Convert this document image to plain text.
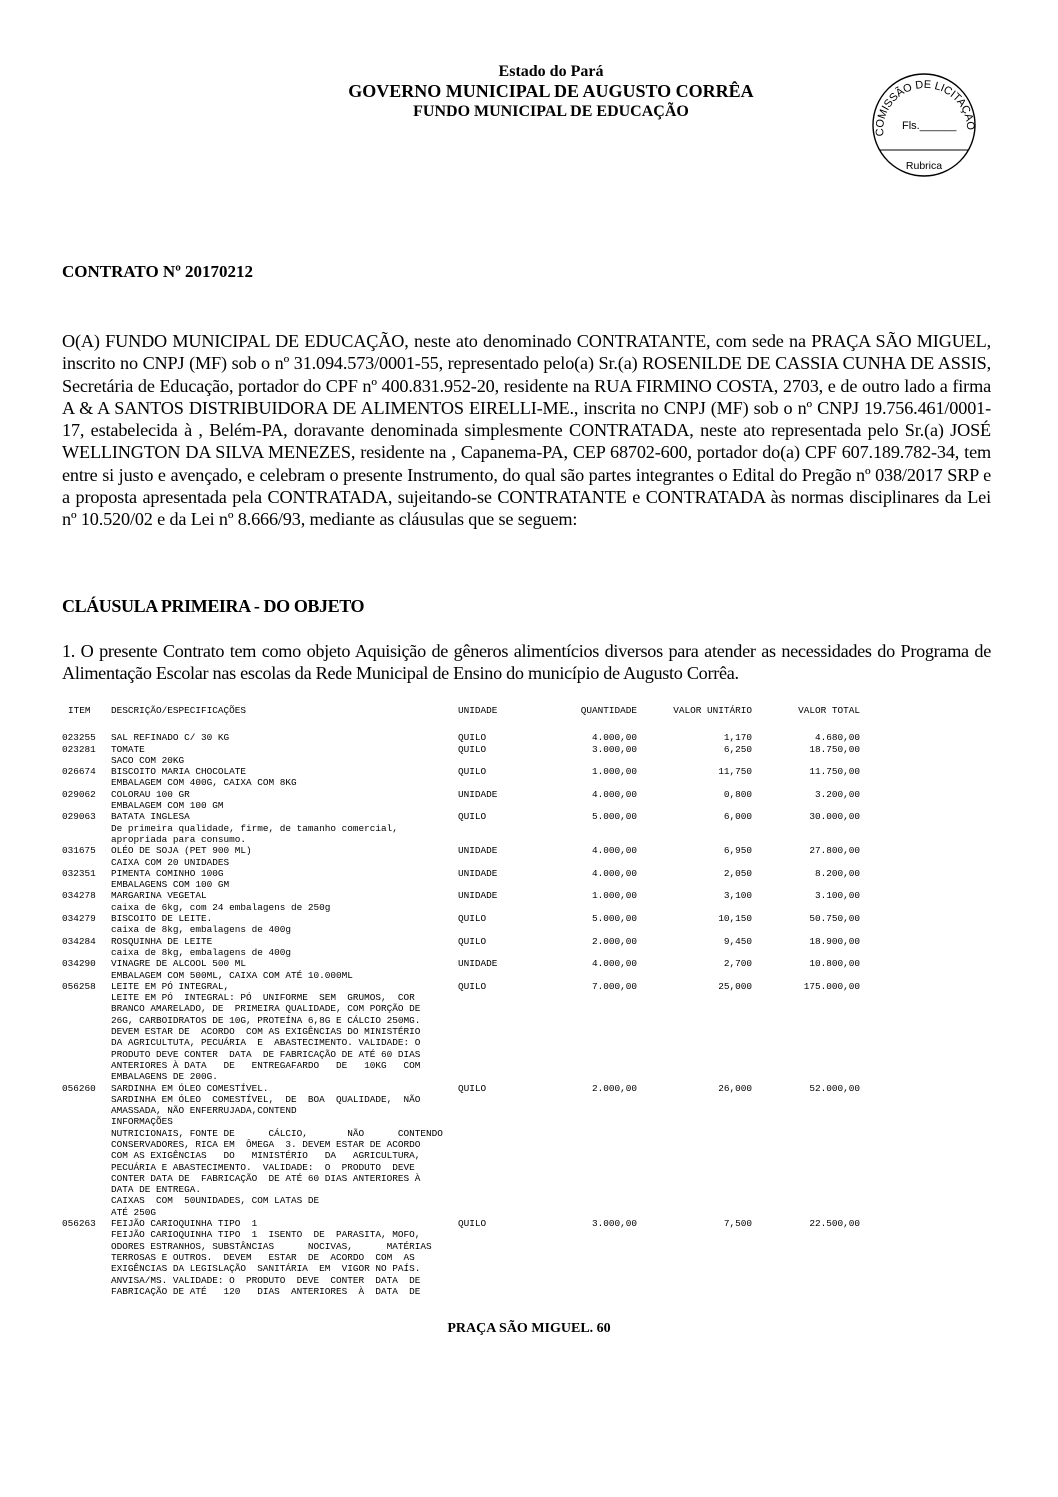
Estado do Pará
GOVERNO MUNICIPAL DE AUGUSTO CORRÊA
FUNDO MUNICIPAL DE EDUCAÇÃO
COMISSÃO DE LICITAÇÃO
Fls.______
Rubrica
CONTRATO Nº 20170212
O(A) FUNDO MUNICIPAL DE EDUCAÇÃO, neste ato denominado CONTRATANTE, com sede na PRAÇA SÃO MIGUEL, inscrito no CNPJ (MF) sob o nº 31.094.573/0001-55, representado pelo(a) Sr.(a) ROSENILDE DE CASSIA CUNHA DE ASSIS, Secretária de Educação, portador do CPF nº 400.831.952-20, residente na RUA FIRMINO COSTA, 2703, e de outro lado a firma A & A SANTOS DISTRIBUIDORA DE ALIMENTOS EIRELLI-ME., inscrita no CNPJ (MF) sob o nº CNPJ 19.756.461/0001-17, estabelecida à , Belém-PA, doravante denominada simplesmente CONTRATADA, neste ato representada pelo Sr.(a) JOSÉ WELLINGTON DA SILVA MENEZES, residente na , Capanema-PA, CEP 68702-600, portador do(a) CPF 607.189.782-34, tem entre si justo e avençado, e celebram o presente Instrumento, do qual são partes integrantes o Edital do Pregão nº 038/2017 SRP e a proposta apresentada pela CONTRATADA, sujeitando-se CONTRATANTE e CONTRATADA às normas disciplinares da Lei nº 10.520/02 e da Lei nº 8.666/93, mediante as cláusulas que se seguem:
CLÁUSULA PRIMEIRA - DO OBJETO
1. O presente Contrato tem como objeto Aquisição de gêneros alimentícios diversos para atender as necessidades do Programa de Alimentação Escolar nas escolas da Rede Municipal de Ensino do município de Augusto Corrêa.
ITEM	DESCRIÇÃO/ESPECIFICAÇÕES	UNIDADE	QUANTIDADE	VALOR UNITÁRIO	VALOR TOTAL
023255	SAL REFINADO C/ 30 KG	QUILO	4.000,00	1,170	4.680,00
023281	TOMATE
SACO COM 20KG
QUILO	3.000,00	6,250	18.750,00
026674	BISCOITO MARIA CHOCOLATE
EMBALAGEM COM 400G, CAIXA COM 8KG
QUILO	1.000,00	11,750	11.750,00
029062	COLORAU 100 GR
EMBALAGEM COM 100 GM
UNIDADE	4.000,00	0,800	3.200,00
029063	BATATA INGLESA
De primeira qualidade, firme, de tamanho comercial,
apropriada para consumo.
QUILO	5.000,00	6,000	30.000,00
031675	OLÉO DE SOJA (PET 900 ML)
CAIXA COM 20 UNIDADES
UNIDADE	4.000,00	6,950	27.800,00
032351	PIMENTA COMINHO 100G
EMBALAGENS COM 100 GM
UNIDADE	4.000,00	2,050	8.200,00
034278	MARGARINA VEGETAL
caixa de 6kg, com 24 embalagens de 250g
UNIDADE	1.000,00	3,100	3.100,00
034279	BISCOITO DE LEITE.
caixa de 8kg, embalagens de 400g
QUILO	5.000,00	10,150	50.750,00
034284	ROSQUINHA DE LEITE
caixa de 8kg, embalagens de 400g
QUILO	2.000,00	9,450	18.900,00
034290	VINAGRE DE ALCOOL 500 ML
EMBALAGEM COM 500ML, CAIXA COM ATÉ 10.000ML
UNIDADE	4.000,00	2,700	10.800,00
056258	LEITE EM PÓ INTEGRAL,
LEITE EM PÓ  INTEGRAL: PÓ  UNIFORME  SEM  GRUMOS,  COR
BRANCO AMARELADO, DE  PRIMEIRA QUALIDADE, COM PORÇÃO DE
26G, CARBOIDRATOS DE 10G, PROTEÍNA 6,8G E CÁLCIO 250MG.
DEVEM ESTAR DE  ACORDO  COM AS EXIGÊNCIAS DO MINISTÉRIO
DA AGRICULTUTA, PECUÁRIA  E  ABASTECIMENTO. VALIDADE: O
PRODUTO DEVE CONTER  DATA  DE FABRICAÇÃO DE ATÉ 60 DIAS
ANTERIORES À DATA   DE   ENTREGAFARDO   DE   10KG   COM
EMBALAGENS DE 200G.
QUILO	7.000,00	25,000	175.000,00
056260	SARDINHA EM ÓLEO COMESTÍVEL.
SARDINHA EM ÓLEO  COMESTÍVEL,  DE  BOA  QUALIDADE,  NÃO
AMASSADA, NÃO ENFERRUJADA,CONTEND
INFORMAÇÕES
NUTRICIONAIS, FONTE DE      CÁLCIO,       NÃO      CONTENDO
CONSERVADORES, RICA EM  ÔMEGA  3. DEVEM ESTAR DE ACORDO
COM AS EXIGÊNCIAS   DO   MINISTÉRIO   DA   AGRICULTURA,
PECUÁRIA E ABASTECIMENTO.  VALIDADE:  O  PRODUTO  DEVE
CONTER DATA DE  FABRICAÇÃO  DE ATÉ 60 DIAS ANTERIORES À
DATA DE ENTREGA.
CAIXAS  COM  50UNIDADES, COM LATAS DE
ATÉ 250G
QUILO	2.000,00	26,000	52.000,00
056263	FEIJÃO CARIOQUINHA TIPO  1
FEIJÃO CARIOQUINHA TIPO  1  ISENTO  DE  PARASITA, MOFO,
ODORES ESTRANHOS, SUBSTÂNCIAS      NOCIVAS,      MATÉRIAS
TERROSAS E OUTROS.  DEVEM   ESTAR  DE  ACORDO  COM  AS
EXIGÊNCIAS DA LEGISLAÇÃO  SANITÁRIA  EM  VIGOR NO PAÍS.
ANVISA/MS. VALIDADE: O  PRODUTO  DEVE  CONTER  DATA  DE
FABRICAÇÃO DE ATÉ   120   DIAS  ANTERIORES  À  DATA  DE
QUILO	3.000,00	7,500	22.500,00
PRAÇA SÃO MIGUEL. 60
